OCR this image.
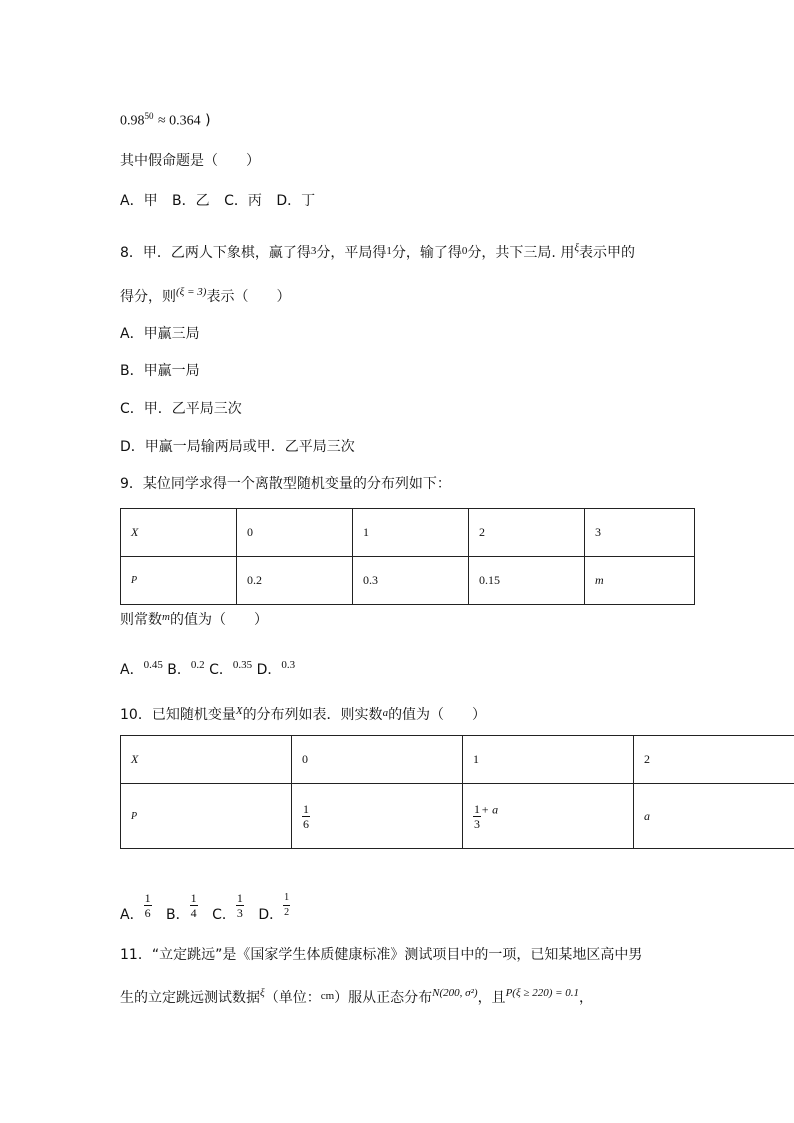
$0.98^{50} \approx 0.364$ )
其中假命题是（　　）
A．甲 B．乙 C．丙 D．丁
8．甲．乙两人下象棋，赢了得$^3$分，平局得$^1$分，输了得$^0$分，共下三局. 用$^\xi$表示甲的
得分，则$^{(\xi = 3)}$表示（　　）
A．甲赢三局
B．甲赢一局
C．甲．乙平局三次
D．甲赢一局输两局或甲．乙平局三次
9．某位同学求得一个离散型随机变量的分布列如下：
X	0	1	2	3
P	0.2	0.3	0.15	m
则常数$^m$的值为（　　）
A．$^{0.45}$ B．$^{0.2}$ C．$^{0.35}$ D．$^{0.3}$
10．已知随机变量$^X$的分布列如表．则实数$^a$的值为（　　）
X	0	1	2
P	$\frac{1}{6}$	$\frac{1}{3} + a$	a
A． $\frac{1}{6}$ B． $\frac{1}{4}$ C． $\frac{1}{3}$ D． $\frac{1}{2}$
11．“立定跳远”是《国家学生体质健康标准》测试项目中的一项，已知某地区高中男
生的立定跳远测试数据$^\xi$（单位：$^{cm}$）服从正态分布$^{N(200, \sigma^2)}$，且$^{P(\xi \ge 220) = 0.1}$，
